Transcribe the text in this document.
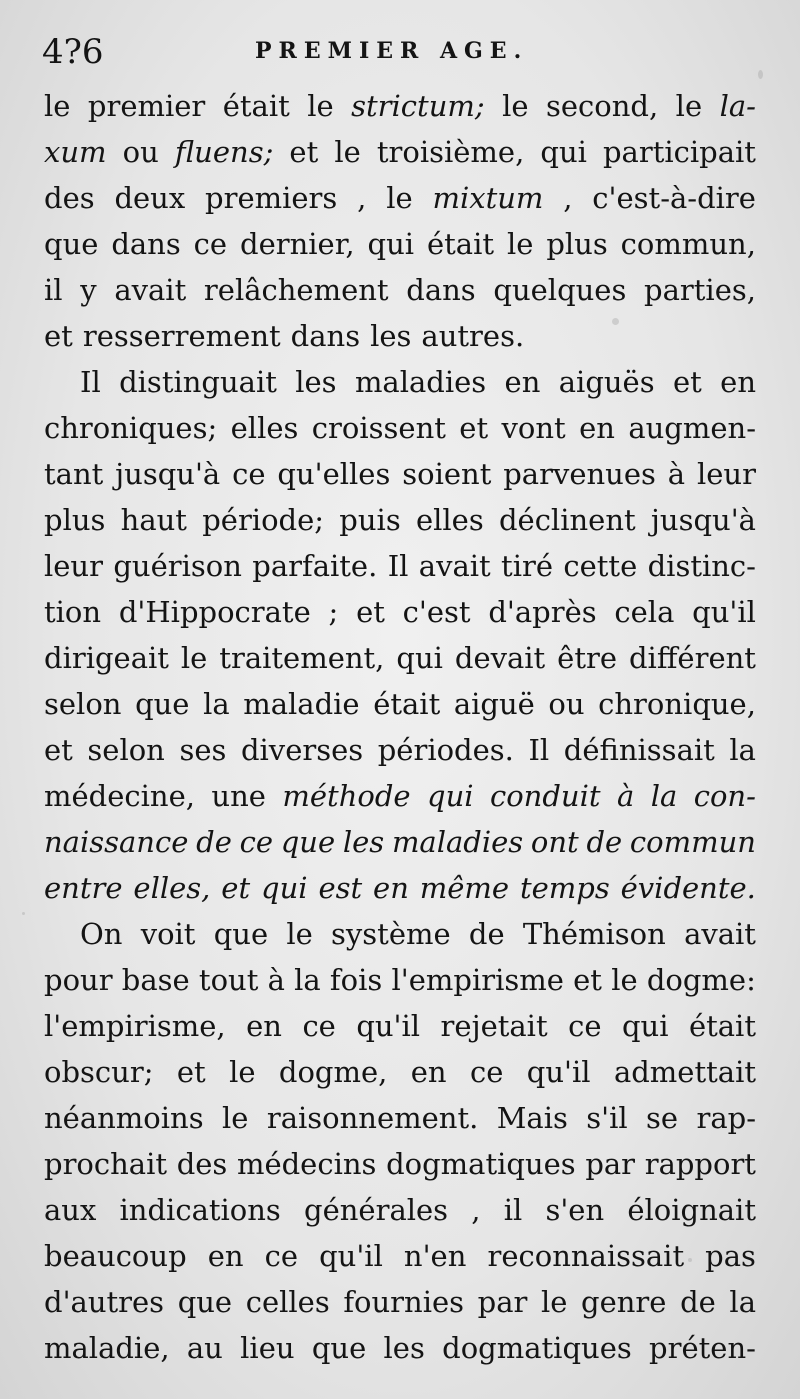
4?6	PREMIER AGE.
le premier était le strictum; le second, le la-
xum ou fluens; et le troisième, qui participait
des deux premiers , le mixtum , c'est-à-dire
que dans ce dernier, qui était le plus commun,
il y avait relâchement dans quelques parties,
et resserrement dans les autres.
Il distinguait les maladies en aiguës et en
chroniques; elles croissent et vont en augmen-
tant jusqu'à ce qu'elles soient parvenues à leur
plus haut période; puis elles déclinent jusqu'à
leur guérison parfaite. Il avait tiré cette distinc-
tion d'Hippocrate ; et c'est d'après cela qu'il
dirigeait le traitement, qui devait être différent
selon que la maladie était aiguë ou chronique,
et selon ses diverses périodes. Il définissait la
médecine, une méthode qui conduit à la con-
naissance de ce que les maladies ont de commun
entre elles, et qui est en même temps évidente.
On voit que le système de Thémison avait
pour base tout à la fois l'empirisme et le dogme:
l'empirisme, en ce qu'il rejetait ce qui était
obscur; et le dogme, en ce qu'il admettait
néanmoins le raisonnement. Mais s'il se rap-
prochait des médecins dogmatiques par rapport
aux indications générales , il s'en éloignait
beaucoup en ce qu'il n'en reconnaissait pas
d'autres que celles fournies par le genre de la
maladie, au lieu que les dogmatiques préten-
